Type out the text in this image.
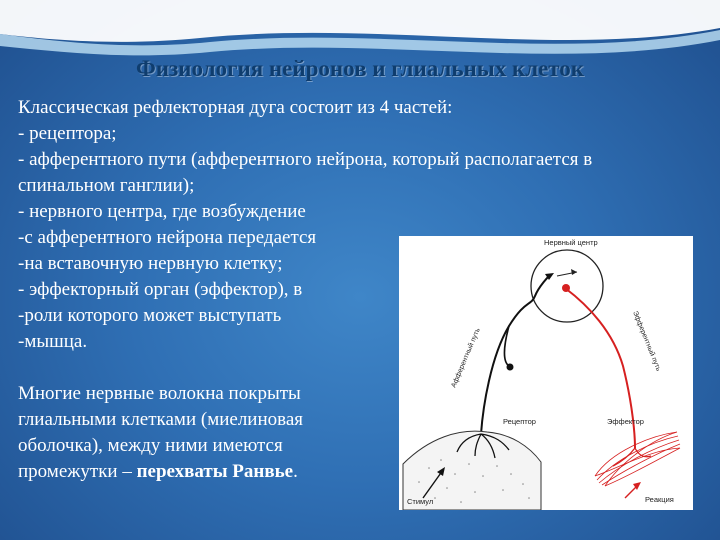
Физиология нейронов и глиальных клеток
Классическая рефлекторная дуга состоит из 4 частей:
- рецептора;
- афферентного пути (афферентного нейрона, который располагается в
спинальном ганглии);
- нервного центра, где возбуждение
-с афферентного нейрона передается
-на вставочную нервную клетку;
- эффекторный орган (эффектор), в
-роли которого может выступать
-мышца.
Многие нервные волокна покрыты
глиальными клетками (миелиновая
оболочка), между ними имеются
промежутки – перехваты Ранвье.
Нервный центр
Афферентный путь	Эфферентный путь
Рецептор
Стимул
Эффектор
Реакция
